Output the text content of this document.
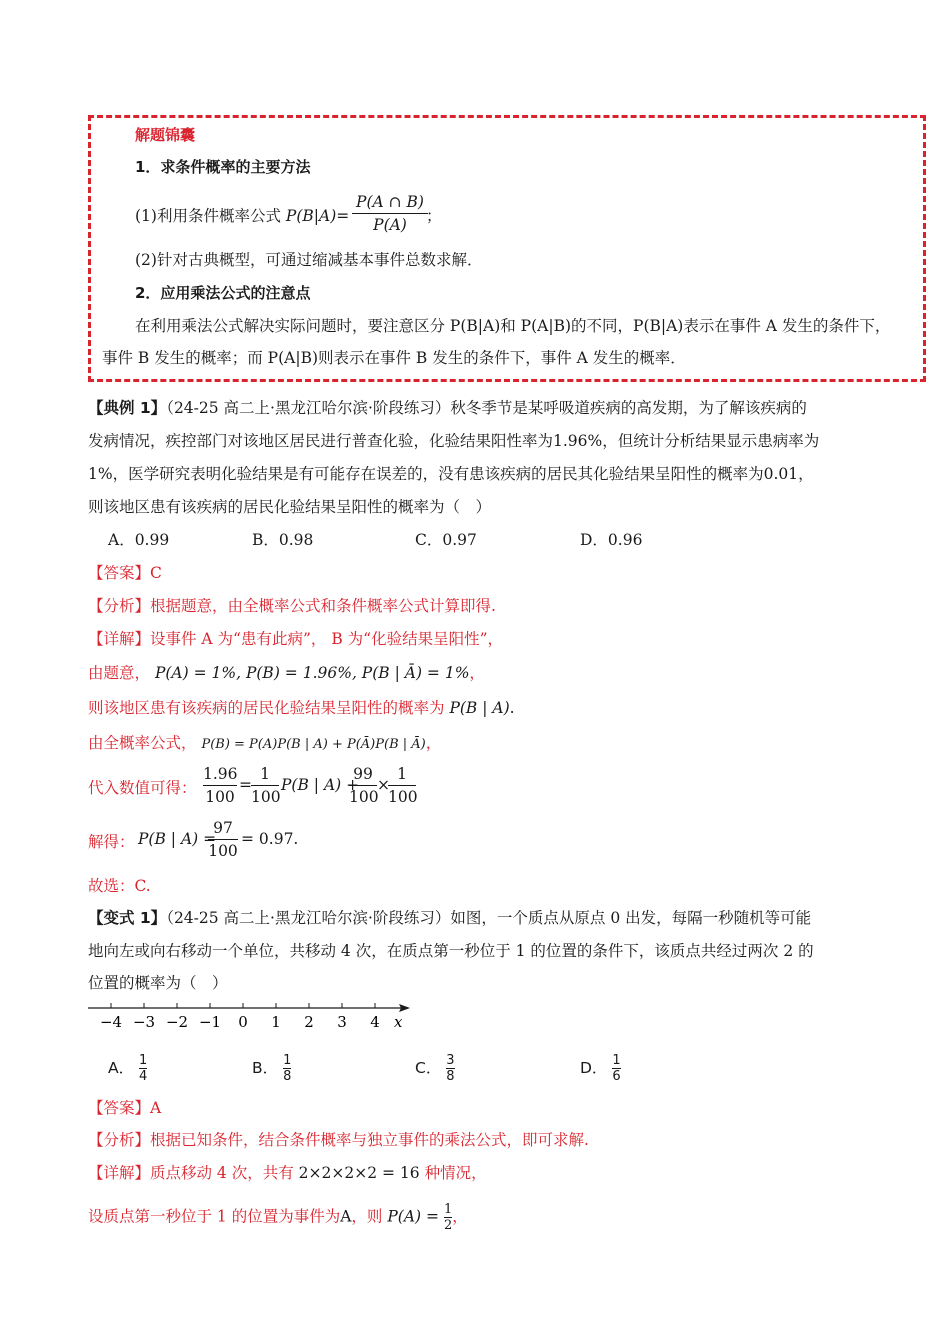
解题锦囊
1．求条件概率的主要方法
(1)利用条件概率公式 P(B|A)=
P(A ∩ B)
P(A)	；
(2)针对古典概型，可通过缩减基本事件总数求解．
2．应用乘法公式的注意点
在利用乘法公式解决实际问题时，要注意区分 P(B|A)和 P(A|B)的不同，P(B|A)表示在事件 A 发生的条件下，
事件 B 发生的概率；而 P(A|B)则表示在事件 B 发生的条件下，事件 A 发生的概率．
【典例 1】（24-25 高二上·黑龙江哈尔滨·阶段练习）秋冬季节是某呼吸道疾病的高发期，为了解该疾病的
发病情况，疾控部门对该地区居民进行普查化验，化验结果阳性率为1.96%，但统计分析结果显示患病率为
1%，医学研究表明化验结果是有可能存在误差的，没有患该疾病的居民其化验结果呈阳性的概率为0.01，
则该地区患有该疾病的居民化验结果呈阳性的概率为（　）
A．0.99	B．0.98	C．0.97	D．0.96
【答案】C
【分析】根据题意，由全概率公式和条件概率公式计算即得.
【详解】设事件 A 为“患有此病”， B 为“化验结果呈阳性”，
由题意， P(A) = 1%, P(B) = 1.96%, P(B | Ā) = 1%，
则该地区患有该疾病的居民化验结果呈阳性的概率为 P(B | A).
由全概率公式， P(B) = P(A)P(B | A) + P(Ā)P(B | Ā)，
代入数值可得：
1.96
100
=
1
100
P(B | A) +
99
100
×
1
100
解得： P(B | A) =
97
100
= 0.97.
故选：C.
【变式 1】（24-25 高二上·黑龙江哈尔滨·阶段练习）如图，一个质点从原点 0 出发，每隔一秒随机等可能
地向左或向右移动一个单位，共移动 4 次，在质点第一秒位于 1 的位置的条件下，该质点共经过两次 2 的
位置的概率为（　）
−4 −3 −2 −1 0 1 2 3 4 x
A． $\frac{1}{4}$	B． $\frac{1}{8}$	C． $\frac{3}{8}$	D． $\frac{1}{6}$
【答案】A
【分析】根据已知条件，结合条件概率与独立事件的乘法公式，即可求解.
【详解】质点移动 4 次，共有 2×2×2×2 = 16 种情况，
设质点第一秒位于 1 的位置为事件为A，则 $P(A) = \frac{1}{2}$，
